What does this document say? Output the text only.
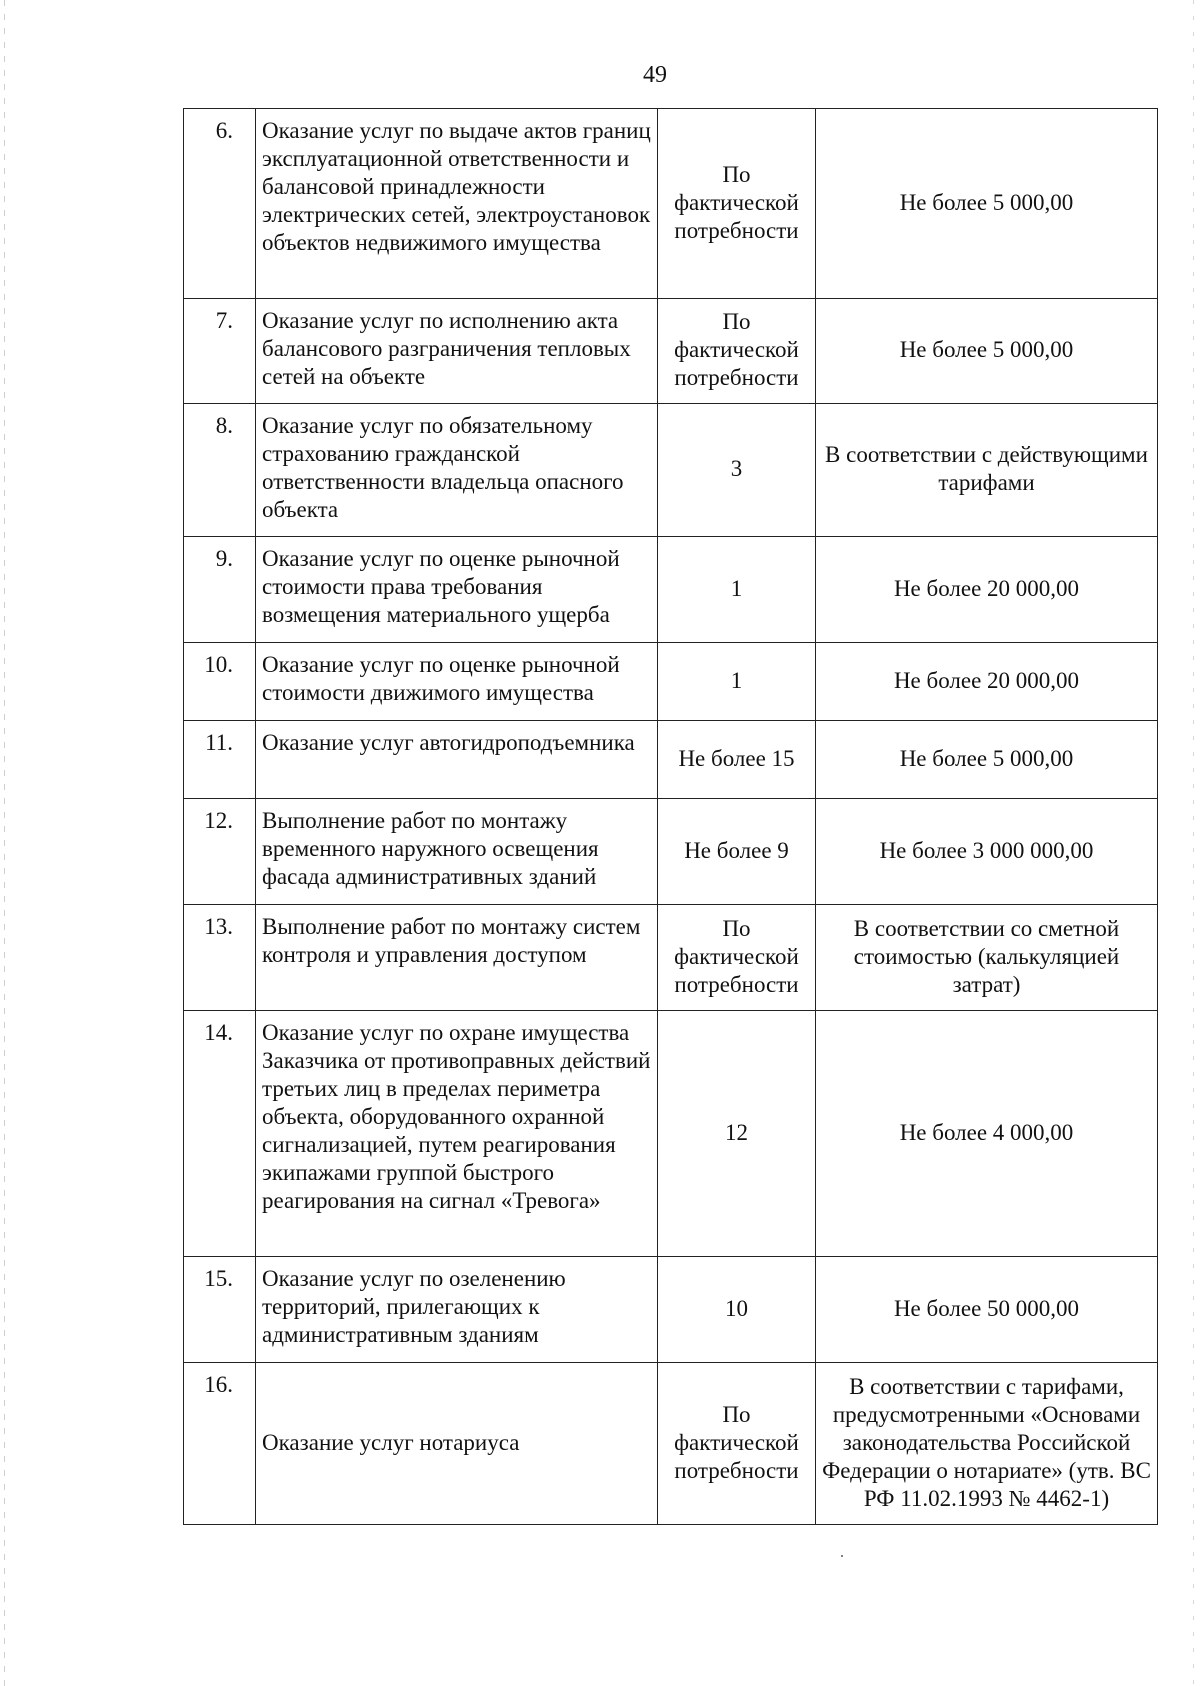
49
6.	Оказание услуг по выдаче актов границ эксплуатационной ответственности и балансовой принадлежности электрических сетей, электроустановок объектов недвижимого имущества	По фактической потребности	Не более 5 000,00
7.	Оказание услуг по исполнению акта балансового разграничения тепловых сетей на объекте	По фактической потребности	Не более 5 000,00
8.	Оказание услуг по обязательному страхованию гражданской ответственности владельца опасного объекта	3	В соответствии с действующими тарифами
9.	Оказание услуг по оценке рыночной стоимости права требования возмещения материального ущерба	1	Не более 20 000,00
10.	Оказание услуг по оценке рыночной стоимости движимого имущества	1	Не более 20 000,00
11.	Оказание услуг автогидроподъемника	Не более 15	Не более 5 000,00
12.	Выполнение работ по монтажу временного наружного освещения фасада административных зданий	Не более 9	Не более 3 000 000,00
13.	Выполнение работ по монтажу систем контроля и управления доступом	По фактической потребности	В соответствии со сметной стоимостью (калькуляцией затрат)
14.	Оказание услуг по охране имущества Заказчика от противоправных действий третьих лиц в пределах периметра объекта, оборудованного охранной сигнализацией, путем реагирования экипажами группой быстрого реагирования на сигнал «Тревога»	12	Не более 4 000,00
15.	Оказание услуг по озеленению территорий, прилегающих к административным зданиям	10	Не более 50 000,00
16.	Оказание услуг нотариуса	По фактической потребности	В соответствии с тарифами, предусмотренными «Основами законодательства Российской Федерации о нотариате» (утв. ВС РФ 11.02.1993 № 4462-1)
